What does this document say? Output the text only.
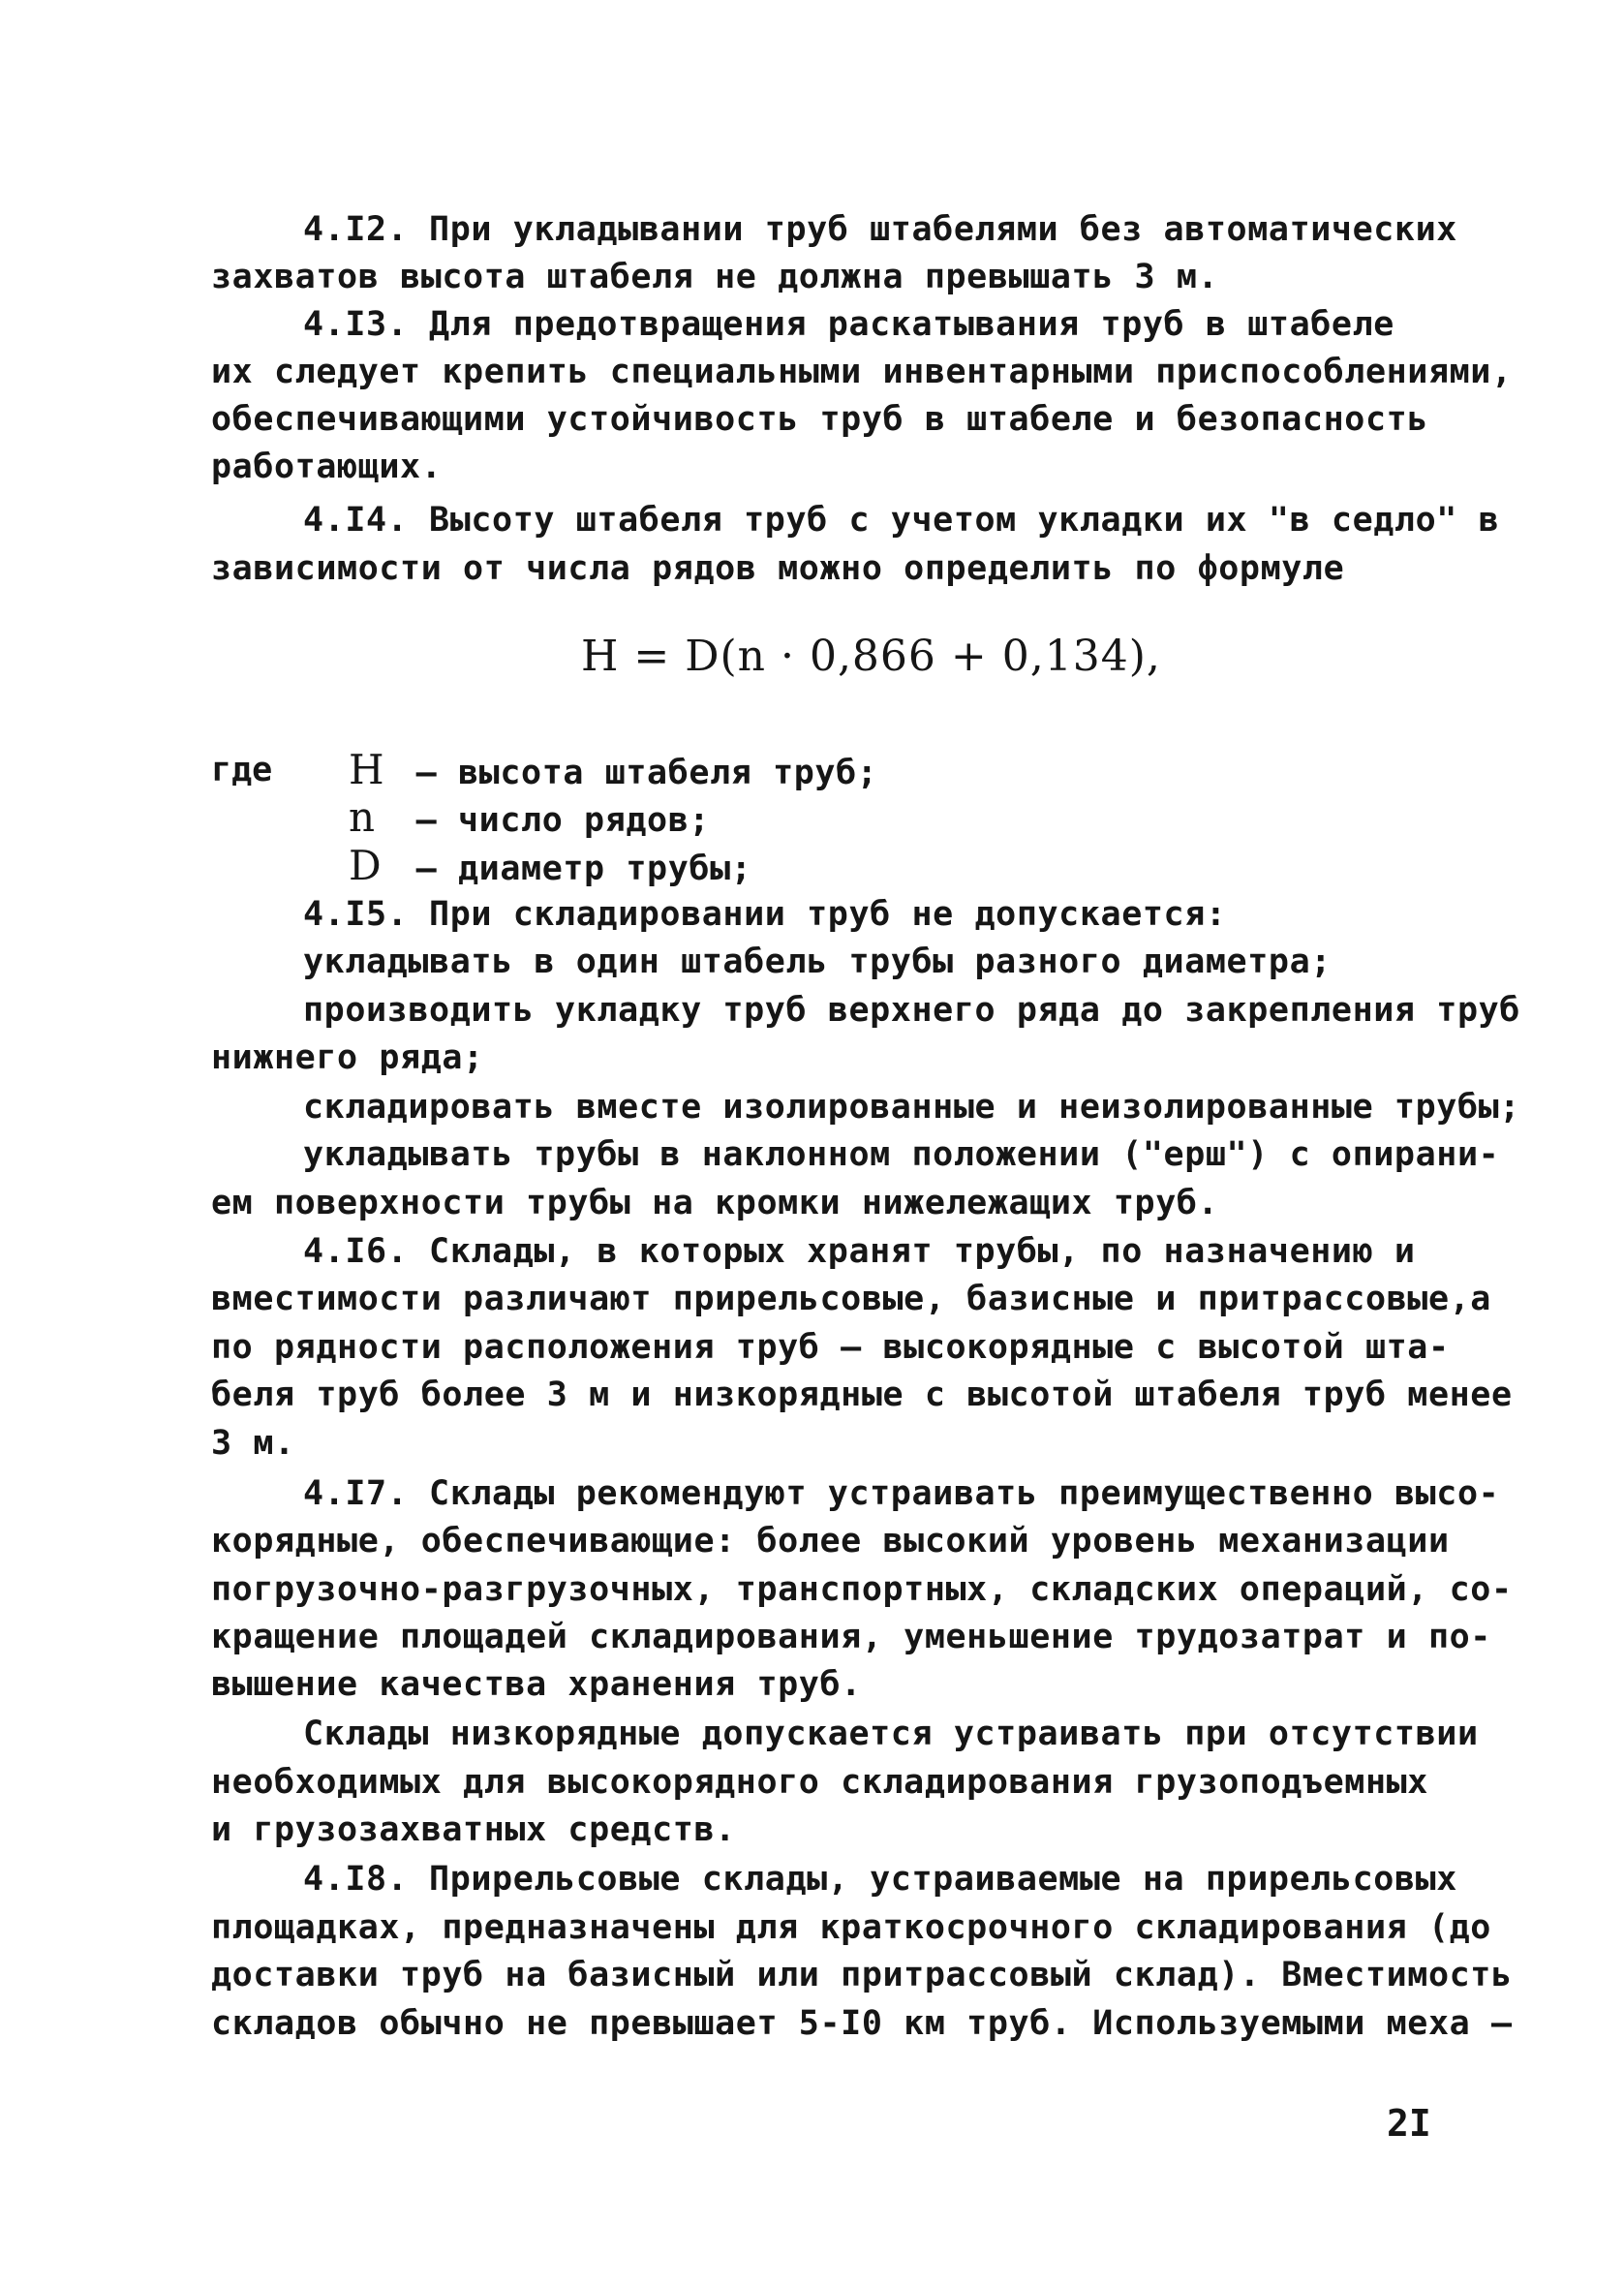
4.I2. При укладывании труб штабелями без автоматических
захватов высота штабеля не должна превышать 3 м.
4.I3. Для предотвращения раскатывания труб в штабеле
их следует крепить специальными инвентарными приспособлениями,
обеспечивающими устойчивость труб в штабеле и безопасность
работающих.
4.I4. Высоту штабеля труб с учетом укладки их "в седло" в
зависимости от числа рядов можно определить по формуле
H = D(n · 0,866 + 0,134),
где H – высота штабеля труб;
n – число рядов;
D – диаметр трубы;
4.I5. При складировании труб не допускается:
укладывать в один штабель трубы разного диаметра;
производить укладку труб верхнего ряда до закрепления труб
нижнего ряда;
складировать вместе изолированные и неизолированные трубы;
укладывать трубы в наклонном положении ("ерш") с опирани-
ем поверхности трубы на кромки нижележащих труб.
4.I6. Склады, в которых хранят трубы, по назначению и
вместимости различают прирельсовые, базисные и притрассовые,а
по рядности расположения труб – высокорядные с высотой шта-
беля труб более 3 м и низкорядные с высотой штабеля труб менее
3 м.
4.I7. Склады рекомендуют устраивать преимущественно высо-
корядные, обеспечивающие: более высокий уровень механизации
погрузочно-разгрузочных, транспортных, складских операций, со-
кращение площадей складирования, уменьшение трудозатрат и по-
вышение качества хранения труб.
Склады низкорядные допускается устраивать при отсутствии
необходимых для высокорядного складирования грузоподъемных
и грузозахватных средств.
4.I8. Прирельсовые склады, устраиваемые на прирельсовых
площадках, предназначены для краткосрочного складирования (до
доставки труб на базисный или притрассовый склад). Вместимость
складов обычно не превышает 5-I0 км труб. Используемыми меха –
2I
